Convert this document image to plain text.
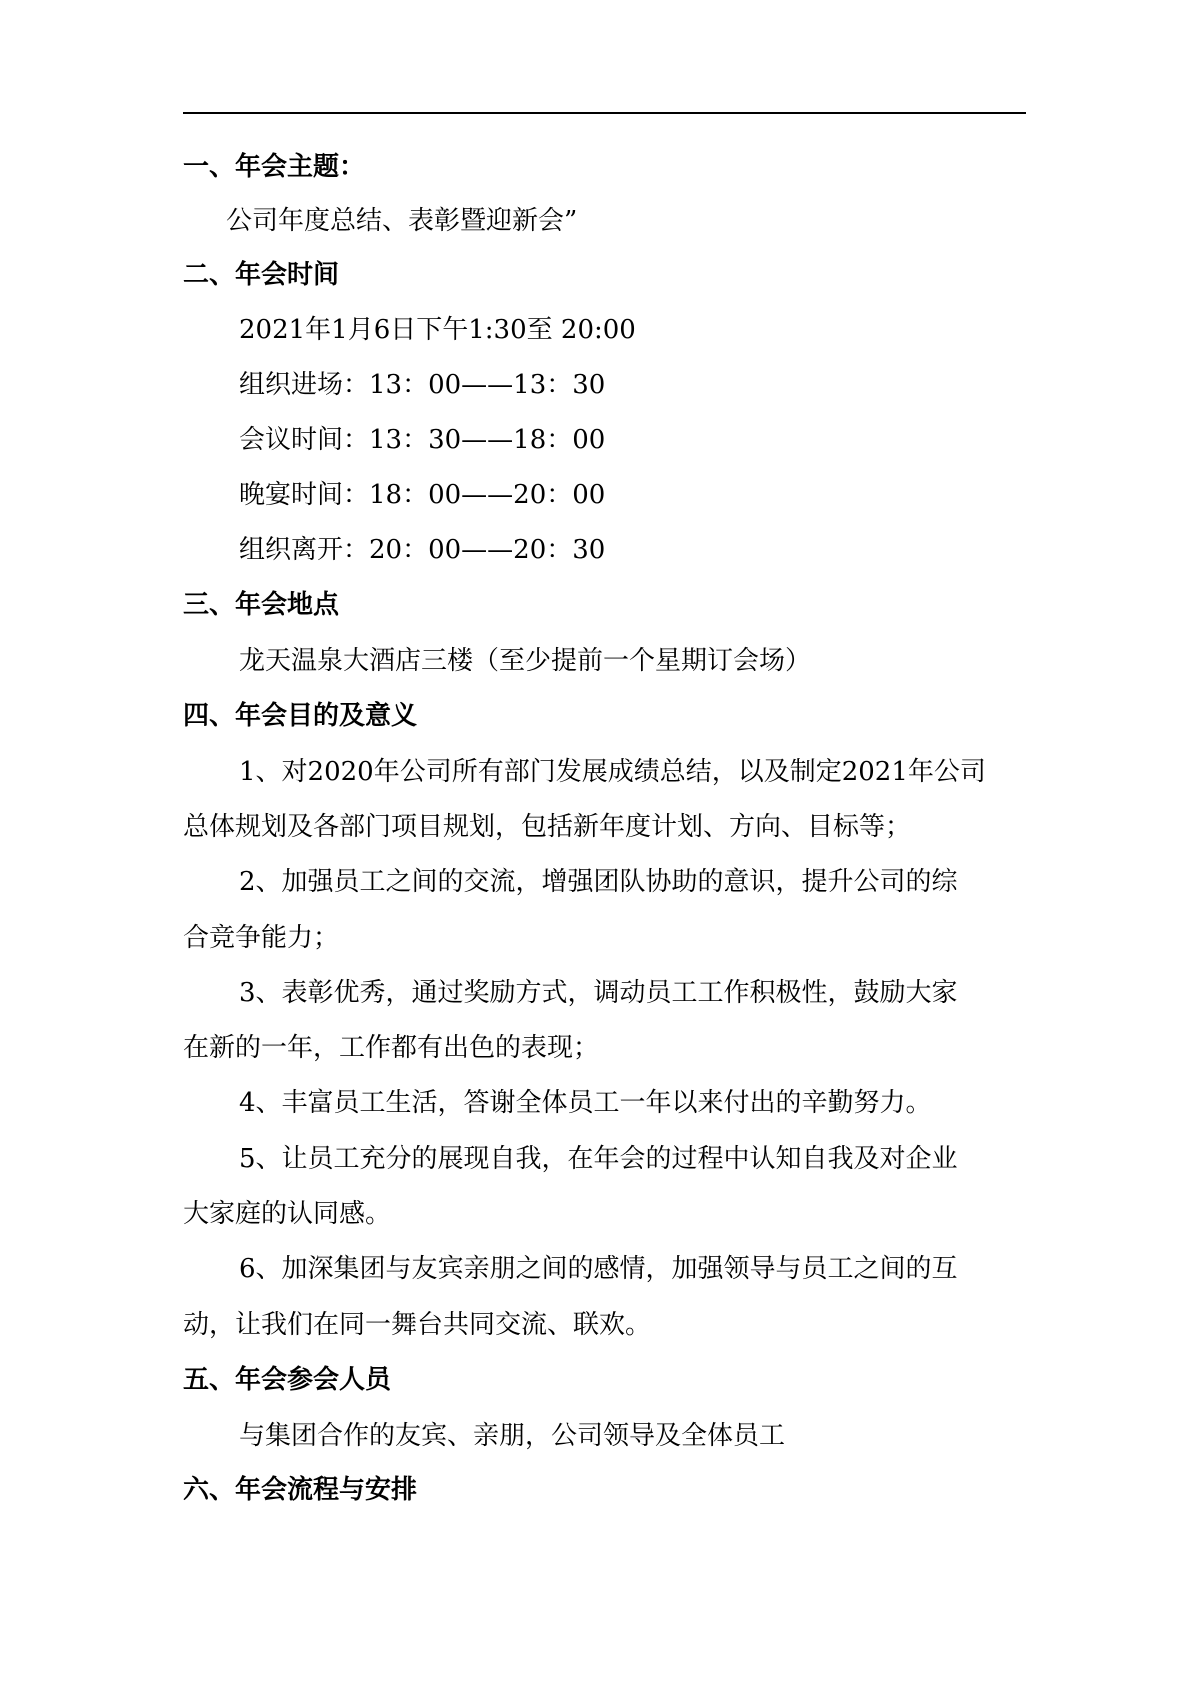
一、年会主题：
公司年度总结、表彰暨迎新会”
二、年会时间
2021年1月6日下午1:30至 20:00
组织进场：13：00——13：30
会议时间：13：30——18：00
晚宴时间：18：00——20：00
组织离开：20：00——20：30
三、年会地点
龙天温泉大酒店三楼（至少提前一个星期订会场）
四、年会目的及意义
1、对2020年公司所有部门发展成绩总结，以及制定2021年公司
总体规划及各部门项目规划，包括新年度计划、方向、目标等；
2、加强员工之间的交流，增强团队协助的意识，提升公司的综
合竞争能力；
3、表彰优秀，通过奖励方式，调动员工工作积极性，鼓励大家
在新的一年，工作都有出色的表现；
4、丰富员工生活，答谢全体员工一年以来付出的辛勤努力。
5、让员工充分的展现自我，在年会的过程中认知自我及对企业
大家庭的认同感。
6、加深集团与友宾亲朋之间的感情，加强领导与员工之间的互
动，让我们在同一舞台共同交流、联欢。
五、年会参会人员
与集团合作的友宾、亲朋，公司领导及全体员工
六、年会流程与安排
